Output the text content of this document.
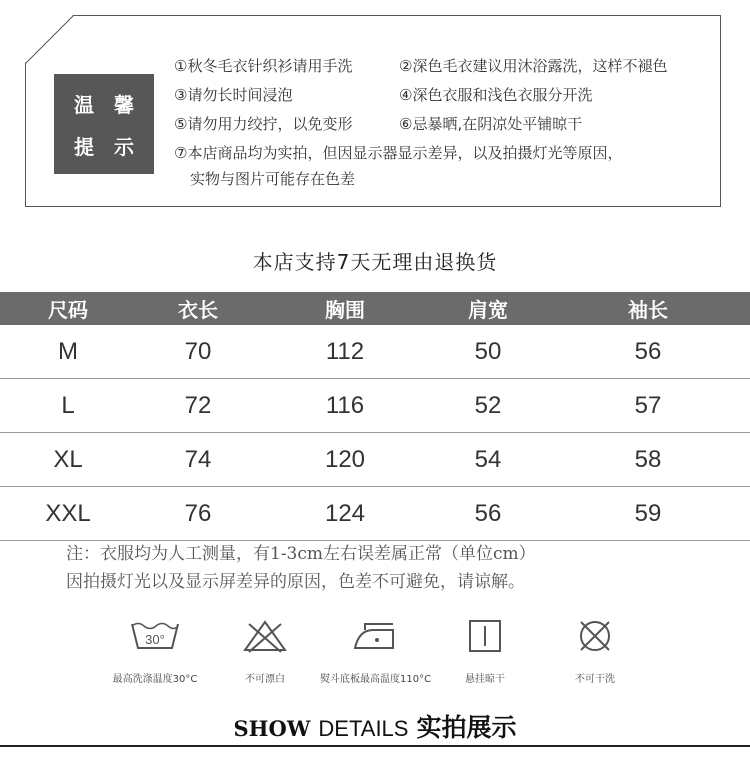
温	馨
提	示
①秋冬毛衣针织衫请用手洗	②深色毛衣建议用沐浴露洗，这样不褪色
③请勿长时间浸泡	④深色衣服和浅色衣服分开洗
⑤请勿用力绞拧，以免变形	⑥忌暴晒,在阴凉处平铺晾干
⑦本店商品均为实拍，但因显示器显示差异，以及拍摄灯光等原因，
实物与图片可能存在色差
本店支持7天无理由退换货
尺码	衣长	胸围	肩宽	袖长
M	70	112	50	56
L	72	116	52	57
XL	74	120	54	58
XXL	76	124	56	59
注：衣服均为人工测量，有1-3cm左右误差属正常（单位cm）
因拍摄灯光以及显示屏差异的原因，色差不可避免，请谅解。
30°
最高洗涤温度30°C	不可漂白	熨斗底板最高温度110°C	悬挂晾干	不可干洗
SHOW DETAILS 实拍展示
